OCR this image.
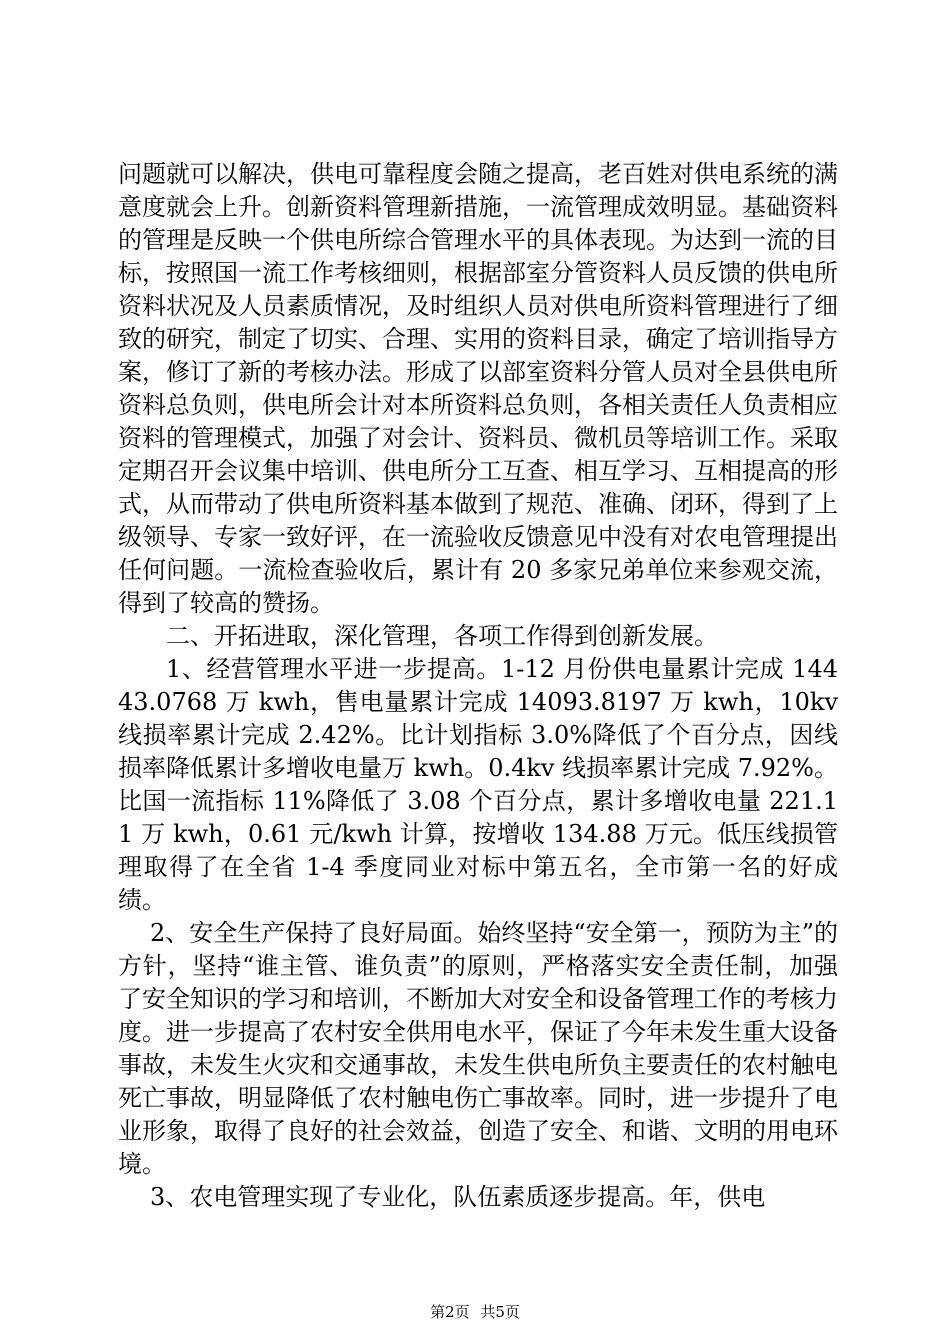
问题就可以解决，供电可靠程度会随之提高，老百姓对供电系统的满意度就会上升。创新资料管理新措施，一流管理成效明显。基础资料的管理是反映一个供电所综合管理水平的具体表现。为达到一流的目标，按照国一流工作考核细则，根据部室分管资料人员反馈的供电所资料状况及人员素质情况，及时组织人员对供电所资料管理进行了细致的研究，制定了切实、合理、实用的资料目录，确定了培训指导方案，修订了新的考核办法。形成了以部室资料分管人员对全县供电所资料总负则，供电所会计对本所资料总负则，各相关责任人负责相应资料的管理模式，加强了对会计、资料员、微机员等培训工作。采取定期召开会议集中培训、供电所分工互查、相互学习、互相提高的形式，从而带动了供电所资料基本做到了规范、准确、闭环，得到了上级领导、专家一致好评，在一流验收反馈意见中没有对农电管理提出任何问题。一流检查验收后，累计有 20 多家兄弟单位来参观交流，得到了较高的赞扬。

二、开拓进取，深化管理，各项工作得到创新发展。

1、经营管理水平进一步提高。1-12 月份供电量累计完成 14443.0768 万 kwh，售电量累计完成 14093.8197 万 kwh，10kv 线损率累计完成 2.42%。比计划指标 3.0%降低了个百分点，因线损率降低累计多增收电量万 kwh。0.4kv 线损率累计完成 7.92%。比国一流指标 11%降低了 3.08 个百分点，累计多增收电量 221.11 万 kwh，0.61 元/kwh 计算，按增收 134.88 万元。低压线损管理取得了在全省 1-4 季度同业对标中第五名，全市第一名的好成绩。

2、安全生产保持了良好局面。始终坚持“安全第一，预防为主”的方针，坚持“谁主管、谁负责”的原则，严格落实安全责任制，加强了安全知识的学习和培训，不断加大对安全和设备管理工作的考核力度。进一步提高了农村安全供用电水平，保证了今年未发生重大设备事故，未发生火灾和交通事故，未发生供电所负主要责任的农村触电死亡事故，明显降低了农村触电伤亡事故率。同时，进一步提升了电业形象，取得了良好的社会效益，创造了安全、和谐、文明的用电环境。

3、农电管理实现了专业化，队伍素质逐步提高。年，供电

第2页 共5页
